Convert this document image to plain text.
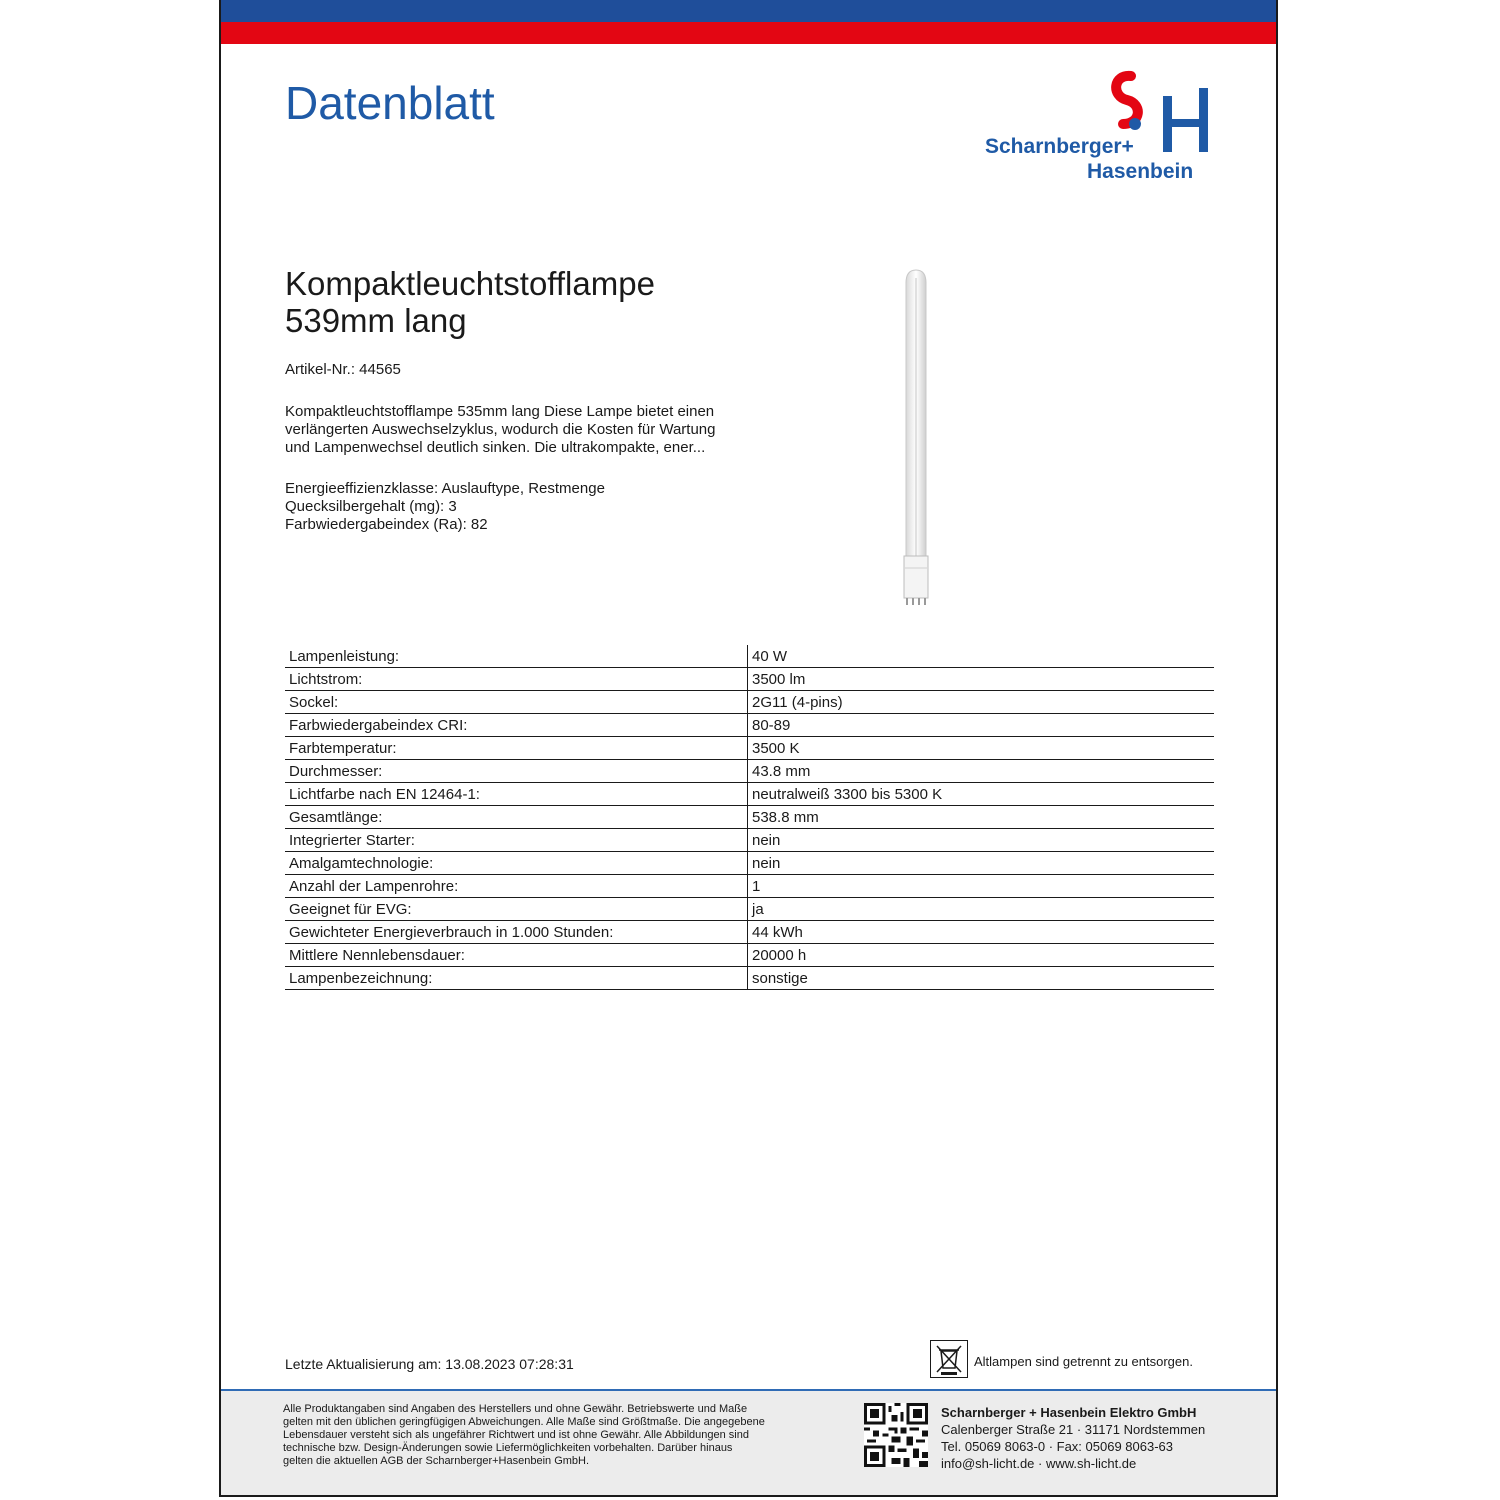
Datenblatt
Scharnberger+
Hasenbein
Kompaktleuchtstofflampe
539mm lang
Artikel-Nr.: 44565

Kompaktleuchtstofflampe 535mm lang Diese Lampe bietet einen
verlängerten Auswechselzyklus, wodurch die Kosten für Wartung
und Lampenwechsel deutlich sinken. Die ultrakompakte, ener...

Energieeffizienzklasse: Auslauftype, Restmenge
Quecksilbergehalt (mg): 3
Farbwiedergabeindex (Ra): 82
Lampenleistung:	40 W
Lichtstrom:	3500 lm
Sockel:	2G11 (4-pins)
Farbwiedergabeindex CRI:	80-89
Farbtemperatur:	3500 K
Durchmesser:	43.8 mm
Lichtfarbe nach EN 12464-1:	neutralweiß 3300 bis 5300 K
Gesamtlänge:	538.8 mm
Integrierter Starter:	nein
Amalgamtechnologie:	nein
Anzahl der Lampenrohre:	1
Geeignet für EVG:	ja
Gewichteter Energieverbrauch in 1.000 Stunden:	44 kWh
Mittlere Nennlebensdauer:	20000 h
Lampenbezeichnung:	sonstige
Letzte Aktualisierung am: 13.08.2023 07:28:31	Altlampen sind getrennt zu entsorgen.

Alle Produktangaben sind Angaben des Herstellers und ohne Gewähr. Betriebswerte und Maße
gelten mit den üblichen geringfügigen Abweichungen. Alle Maße sind Größtmaße. Die angegebene
Lebensdauer versteht sich als ungefährer Richtwert und ist ohne Gewähr. Alle Abbildungen sind
technische bzw. Design-Änderungen sowie Liefermöglichkeiten vorbehalten. Darüber hinaus
gelten die aktuellen AGB der Scharnberger+Hasenbein GmbH.

Scharnberger + Hasenbein Elektro GmbH
Calenberger Straße 21 · 31171 Nordstemmen
Tel. 05069 8063-0 · Fax: 05069 8063-63
info@sh-licht.de · www.sh-licht.de
